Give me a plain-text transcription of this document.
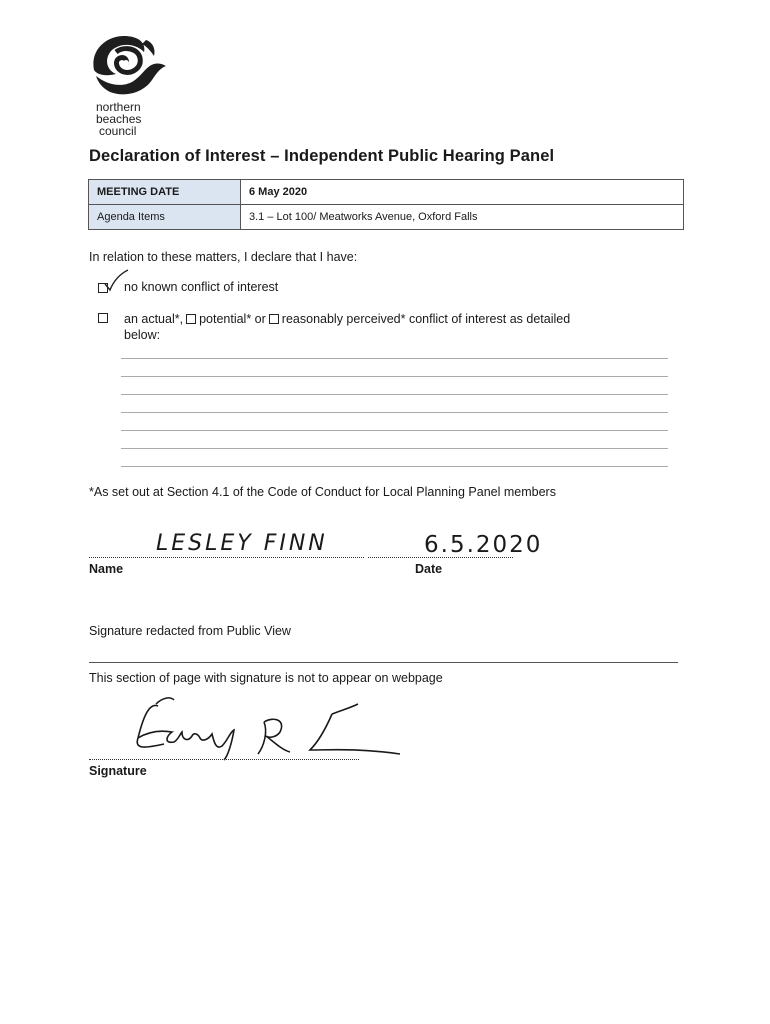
northern
beaches
council
Declaration of Interest – Independent Public Hearing Panel
MEETING DATE	6 May 2020
Agenda Items	3.1 – Lot 100/ Meatworks Avenue, Oxford Falls
In relation to these matters, I declare that I have:
no known conflict of interest
an actual*, potential* or reasonably perceived* conflict of interest as detailed
below:
*As set out at Section 4.1 of the Code of Conduct for Local Planning Panel members
LESLEY FINN	6.5.2020
Name	Date
Signature redacted from Public View
This section of page with signature is not to appear on webpage
Signature
